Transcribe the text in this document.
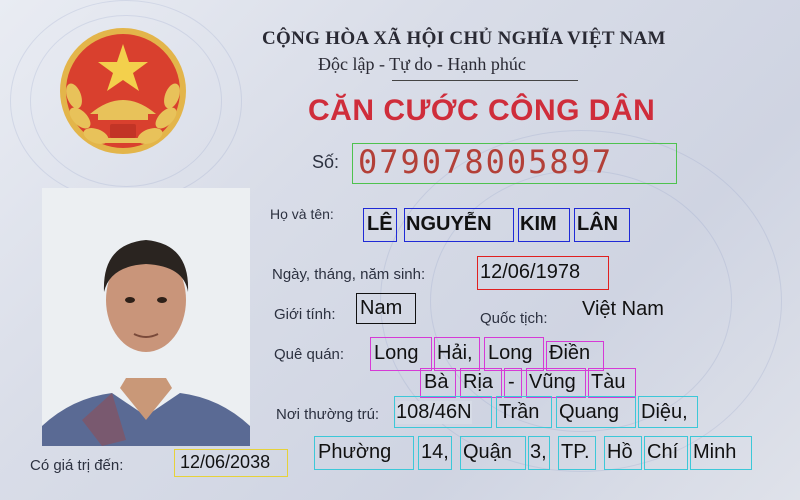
CỘNG HÒA XÃ HỘI CHỦ NGHĨA VIỆT NAM
Độc lập - Tự do - Hạnh phúc
CĂN CƯỚC CÔNG DÂN
Số: 079078005897
Họ và tên: LÊ NGUYỄN KIM LÂN
Ngày, tháng, năm sinh:	12/06/1978
Giới tính: Nam	Quốc tịch: Việt Nam
Quê quán: Long Hải, Long Điền
Bà Rịa - Vũng Tàu
Nơi thường trú: 108/46N Trần Quang Diệu,
Phường 14, Quận 3, TP. Hồ Chí Minh
Có giá trị đến:	12/06/2038
